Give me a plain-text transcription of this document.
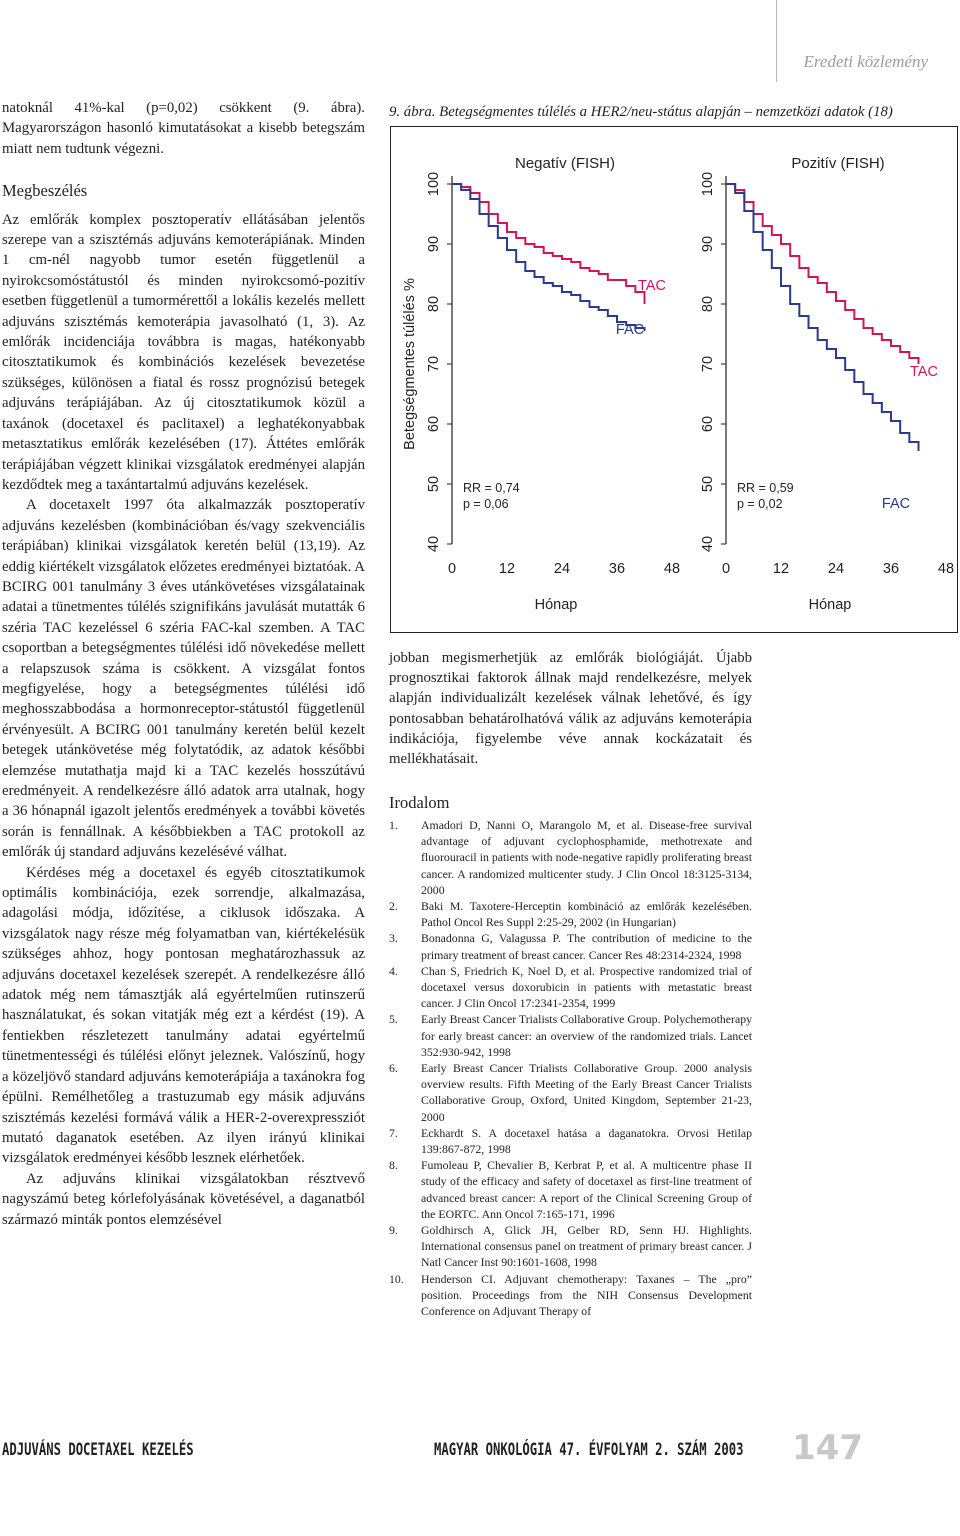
Eredeti közlemény

natoknál 41%-kal (p=0,02) csökkent (9. ábra). Magyarországon hasonló kimutatásokat a kisebb betegszám miatt nem tudtunk végezni.

Megbeszélés

Az emlőrák komplex posztoperatív ellátásában jelentős szerepe van a szisztémás adjuváns kemoterápiának. Minden 1 cm-nél nagyobb tumor esetén függetlenül a nyirokcsomóstátustól és minden nyirokcsomó-pozitív esetben függetlenül a tumormérettől a lokális kezelés mellett adjuváns szisztémás kemoterápia javasolható (1, 3). Az emlőrák incidenciája továbbra is magas, hatékonyabb citosztatikumok és kombinációs kezelések bevezetése szükséges, különösen a fiatal és rossz prognózisú betegek adjuváns terápiájában. Az új citosztatikumok közül a taxánok (docetaxel és paclitaxel) a leghatékonyabbak metasztatikus emlőrák kezelésében (17). Áttétes emlőrák terápiájában végzett klinikai vizsgálatok eredményei alapján kezdődtek meg a taxántartalmú adjuváns kezelések.

A docetaxelt 1997 óta alkalmazzák posztoperatív adjuváns kezelésben (kombinációban és/vagy szekvenciális terápiában) klinikai vizsgálatok keretén belül (13,19). Az eddig kiértékelt vizsgálatok előzetes eredményei biztatóak. A BCIRG 001 tanulmány 3 éves utánkövetéses vizsgálatainak adatai a tünetmentes túlélés szignifikáns javulását mutatták 6 széria TAC kezeléssel 6 széria FAC-kal szemben. A TAC csoportban a betegségmentes túlélési idő növekedése mellett a relapszusok száma is csökkent. A vizsgálat fontos megfigyelése, hogy a betegségmentes túlélési idő meghosszabbodása a hormonreceptor-státustól függetlenül érvényesült. A BCIRG 001 tanulmány keretén belül kezelt betegek utánkövetése még folytatódik, az adatok későbbi elemzése mutathatja majd ki a TAC kezelés hosszútávú eredményeit. A rendelkezésre álló adatok arra utalnak, hogy a 36 hónapnál igazolt jelentős eredmények a további követés során is fennállnak. A későbbiekben a TAC protokoll az emlőrák új standard adjuváns kezelésévé válhat.

Kérdéses még a docetaxel és egyéb citosztatikumok optimális kombinációja, ezek sorrendje, alkalmazása, adagolási módja, időzítése, a ciklusok időszaka. A vizsgálatok nagy része még folyamatban van, kiértékelésük szükséges ahhoz, hogy pontosan meghatározhassuk az adjuváns docetaxel kezelések szerepét. A rendelkezésre álló adatok még nem támasztják alá egyértelműen rutinszerű használatukat, és sokan vitatják még ezt a kérdést (19). A fentiekben részletezett tanulmány adatai egyértelmű tünetmentességi és túlélési előnyt jeleznek. Valószínű, hogy a közeljövő standard adjuváns kemoterápiája a taxánokra fog épülni. Remélhetőleg a trastuzumab egy másik adjuváns szisztémás kezelési formává válik a HER-2-overexpressziót mutató daganatok esetében. Az ilyen irányú klinikai vizsgálatok eredményei később lesznek elérhetőek.

Az adjuváns klinikai vizsgálatokban résztvevő nagyszámú beteg kórlefolyásának követésével, a daganatból származó minták pontos elemzésével

9. ábra. Betegségmentes túlélés a HER2/neu-státus alapján – nemzetközi adatok (18)
Negatív (FISH)
40
50
60
70
80
90
100
0	12	24	36	48
Hónap
Betegségmentes túlélés %
RR = 0,74
p = 0,06
TAC
FAC
Pozitív (FISH)
40
50
60
70
80
90
100
0	12	24	36	48
Hónap
RR = 0,59
p = 0,02
TAC
FAC

jobban megismerhetjük az emlőrák biológiáját. Újabb prognosztikai faktorok állnak majd rendelkezésre, melyek alapján individualizált kezelések válnak lehetővé, és így pontosabban behatárolhatóvá válik az adjuváns kemoterápia indikációja, figyelembe véve annak kockázatait és mellékhatásait.

Irodalom
1.	Amadori D, Nanni O, Marangolo M, et al. Disease-free survival advantage of adjuvant cyclophosphamide, methotrexate and fluorouracil in patients with node-negative rapidly proliferating breast cancer. A randomized multicenter study. J Clin Oncol 18:3125-3134, 2000
2.	Baki M. Taxotere-Herceptin kombináció az emlőrák kezelésében. Pathol Oncol Res Suppl 2:25-29, 2002 (in Hungarian)
3.	Bonadonna G, Valagussa P. The contribution of medicine to the primary treatment of breast cancer. Cancer Res 48:2314-2324, 1998
4.	Chan S, Friedrich K, Noel D, et al. Prospective randomized trial of docetaxel versus doxorubicin in patients with metastatic breast cancer. J Clin Oncol 17:2341-2354, 1999
5.	Early Breast Cancer Trialists Collaborative Group. Polychemotherapy for early breast cancer: an overview of the randomized trials. Lancet 352:930-942, 1998
6.	Early Breast Cancer Trialists Collaborative Group. 2000 analysis overview results. Fifth Meeting of the Early Breast Cancer Trialists Collaborative Group, Oxford, United Kingdom, September 21-23, 2000
7.	Eckhardt S. A docetaxel hatása a daganatokra. Orvosi Hetilap 139:867-872, 1998
8.	Fumoleau P, Chevalier B, Kerbrat P, et al. A multicentre phase II study of the efficacy and safety of docetaxel as first-line treatment of advanced breast cancer: A report of the Clinical Screening Group of the EORTC. Ann Oncol 7:165-171, 1996
9.	Goldhirsch A, Glick JH, Gelber RD, Senn HJ. Highlights. International consensus panel on treatment of primary breast cancer. J Natl Cancer Inst 90:1601-1608, 1998
10.	Henderson CI. Adjuvant chemotherapy: Taxanes – The „pro” position. Proceedings from the NIH Consensus Development Conference on Adjuvant Therapy of
ADJUVÁNS DOCETAXEL KEZELÉS	MAGYAR ONKOLÓGIA 47. ÉVFOLYAM 2. SZÁM 2003 147
